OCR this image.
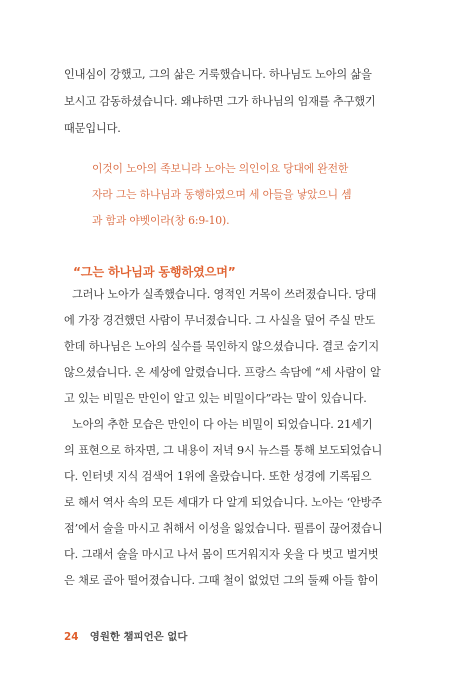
인내심이 강했고, 그의 삶은 거룩했습니다. 하나님도 노아의 삶을
보시고 감동하셨습니다. 왜냐하면 그가 하나님의 임재를 추구했기
때문입니다.
이것이 노아의 족보니라 노아는 의인이요 당대에 완전한
자라 그는 하나님과 동행하였으며 세 아들을 낳았으니 셈
과 함과 야벳이라(창 6:9-10).
“그는 하나님과 동행하였으며”
그러나 노아가 실족했습니다. 영적인 거목이 쓰러졌습니다. 당대
에 가장 경건했던 사람이 무너졌습니다. 그 사실을 덮어 주실 만도
한데 하나님은 노아의 실수를 묵인하지 않으셨습니다. 결코 숨기지
않으셨습니다. 온 세상에 알렸습니다. 프랑스 속담에 “세 사람이 알
고 있는 비밀은 만인이 알고 있는 비밀이다”라는 말이 있습니다.
노아의 추한 모습은 만인이 다 아는 비밀이 되었습니다. 21세기
의 표현으로 하자면, 그 내용이 저녁 9시 뉴스를 통해 보도되었습니
다. 인터넷 지식 검색어 1위에 올랐습니다. 또한 성경에 기록됨으
로 해서 역사 속의 모든 세대가 다 알게 되었습니다. 노아는 ‘안방주
점’에서 술을 마시고 취해서 이성을 잃었습니다. 필름이 끊어졌습니
다. 그래서 술을 마시고 나서 몸이 뜨거워지자 옷을 다 벗고 벌거벗
은 채로 골아 떨어졌습니다. 그때 철이 없었던 그의 둘째 아들 함이
24 영원한 챔피언은 없다
